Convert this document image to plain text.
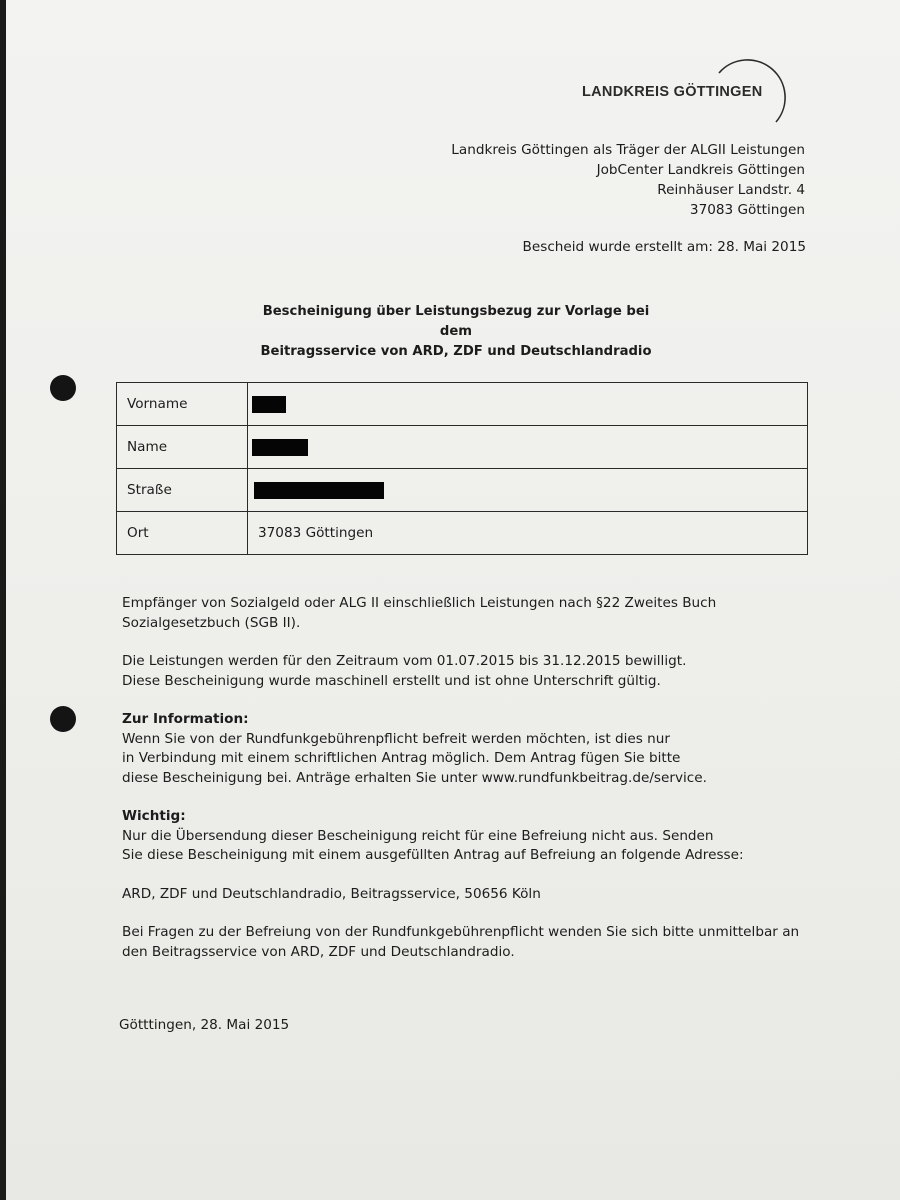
LANDKREIS GÖTTINGEN
Landkreis Göttingen als Träger der ALGII Leistungen
JobCenter Landkreis Göttingen
Reinhäuser Landstr. 4
37083 Göttingen
Bescheid wurde erstellt am: 28. Mai 2015
Bescheinigung über Leistungsbezug zur Vorlage bei dem
Beitragsservice von ARD, ZDF und Deutschlandradio
Vorname	
Name	
Straße	
Ort	37083 Göttingen

Empfänger von Sozialgeld oder ALG II einschließlich Leistungen nach §22 Zweites Buch
Sozialgesetzbuch (SGB II).

Die Leistungen werden für den Zeitraum vom 01.07.2015 bis 31.12.2015 bewilligt.
Diese Bescheinigung wurde maschinell erstellt und ist ohne Unterschrift gültig.

Zur Information:
Wenn Sie von der Rundfunkgebührenpflicht befreit werden möchten, ist dies nur
in Verbindung mit einem schriftlichen Antrag möglich. Dem Antrag fügen Sie bitte
diese Bescheinigung bei. Anträge erhalten Sie unter www.rundfunkbeitrag.de/service.

Wichtig:
Nur die Übersendung dieser Bescheinigung reicht für eine Befreiung nicht aus. Senden
Sie diese Bescheinigung mit einem ausgefüllten Antrag auf Befreiung an folgende Adresse:

ARD, ZDF und Deutschlandradio, Beitragsservice, 50656 Köln

Bei Fragen zu der Befreiung von der Rundfunkgebührenpflicht wenden Sie sich bitte unmittelbar an
den Beitragsservice von ARD, ZDF und Deutschlandradio.

Götttingen, 28. Mai 2015
